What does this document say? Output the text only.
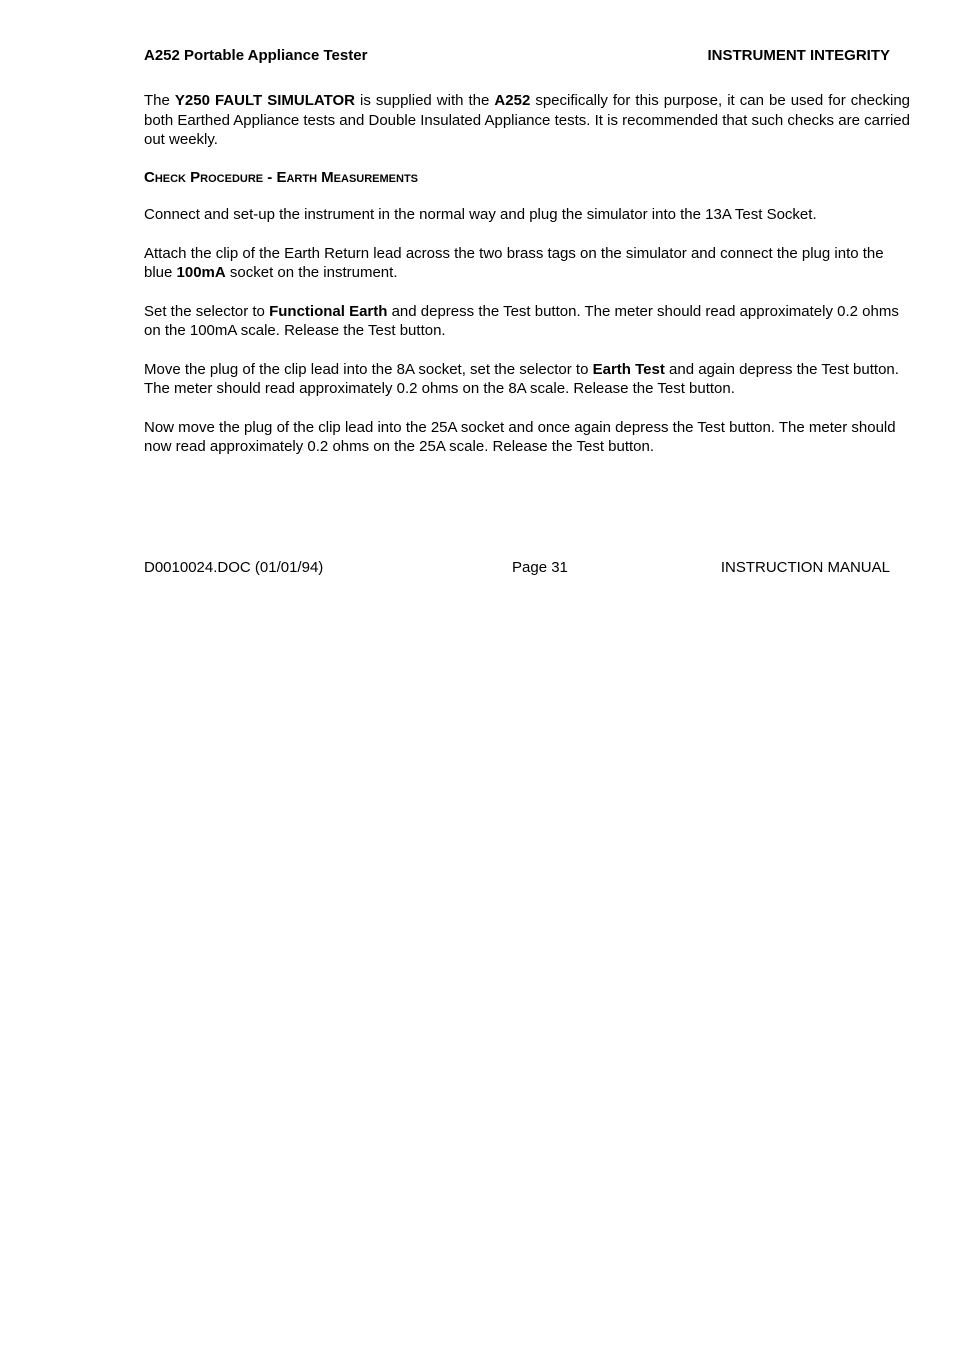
A252 Portable Appliance Tester	INSTRUMENT INTEGRITY

The Y250 FAULT SIMULATOR is supplied with the A252 specifically for this purpose, it can be used for checking both Earthed Appliance tests and Double Insulated Appliance tests. It is recommended that such checks are carried out weekly.

Check Procedure - Earth Measurements

Connect and set-up the instrument in the normal way and plug the simulator into the 13A Test Socket.

Attach the clip of the Earth Return lead across the two brass tags on the simulator and connect the plug into the blue 100mA socket on the instrument.

Set the selector to Functional Earth and depress the Test button. The meter should read approximately 0.2 ohms on the 100mA scale. Release the Test button.

Move the plug of the clip lead into the 8A socket, set the selector to Earth Test and again depress the Test button. The meter should read approximately 0.2 ohms on the 8A scale. Release the Test button.

Now move the plug of the clip lead into the 25A socket and once again depress the Test button. The meter should now read approximately 0.2 ohms on the 25A scale. Release the Test button.

D0010024.DOC (01/01/94)	Page 31	INSTRUCTION MANUAL
